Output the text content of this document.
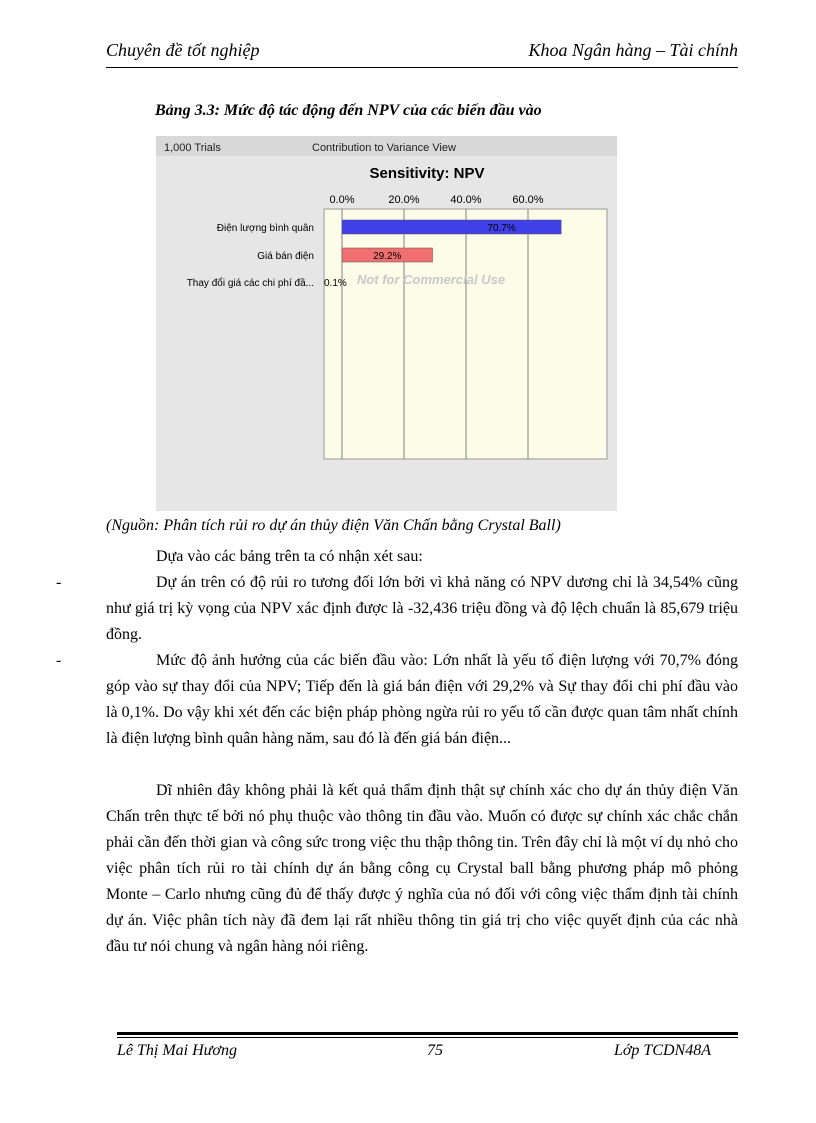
Chuyên đề tốt nghiệp	Khoa Ngân hàng – Tài chính
Bảng 3.3: Mức độ tác động đến NPV của các biến đầu vào
1,000 Trials	Contribution to Variance View
Sensitivity: NPV
0.0%	20.0%	40.0%	60.0%
Điện lượng bình quân	70.7%
Giá bán điện	29.2%
Thay đổi giá các chi phí đầ... 0.1% Not for Commercial Use
(Nguồn: Phân tích rủi ro dự án thủy điện Văn Chấn bằng Crystal Ball)
Dựa vào các bảng trên ta có nhận xét sau:
-	Dự án trên có độ rủi ro tương đối lớn bởi vì khả năng có NPV dương chỉ là 34,54% cũng như giá trị kỳ vọng của NPV xác định được là -32,436 triệu đồng và độ lệch chuẩn là 85,679 triệu đồng.
-	Mức độ ảnh hưởng của các biến đầu vào: Lớn nhất là yếu tố điện lượng với 70,7% đóng góp vào sự thay đổi của NPV; Tiếp đến là giá bán điện với 29,2% và Sự thay đổi chi phí đầu vào là 0,1%. Do vậy khi xét đến các biện pháp phòng ngừa rủi ro yếu tố cần được quan tâm nhất chính là điện lượng bình quân hàng năm, sau đó là đến giá bán điện...
Dĩ nhiên đây không phải là kết quả thẩm định thật sự chính xác cho dự án thủy điện Văn Chấn trên thực tế bởi nó phụ thuộc vào thông tin đầu vào. Muốn có được sự chính xác chắc chắn phải cần đến thời gian và công sức trong việc thu thập thông tin. Trên đây chỉ là một ví dụ nhỏ cho việc phân tích rủi ro tài chính dự án bằng công cụ Crystal ball bằng phương pháp mô phỏng Monte – Carlo nhưng cũng đủ để thấy được ý nghĩa của nó đối với công việc thẩm định tài chính dự án. Việc phân tích này đã đem lại rất nhiều thông tin giá trị cho việc quyết định của các nhà đầu tư nói chung và ngân hàng nói riêng.
Lê Thị Mai Hương	75	Lớp TCDN48A
